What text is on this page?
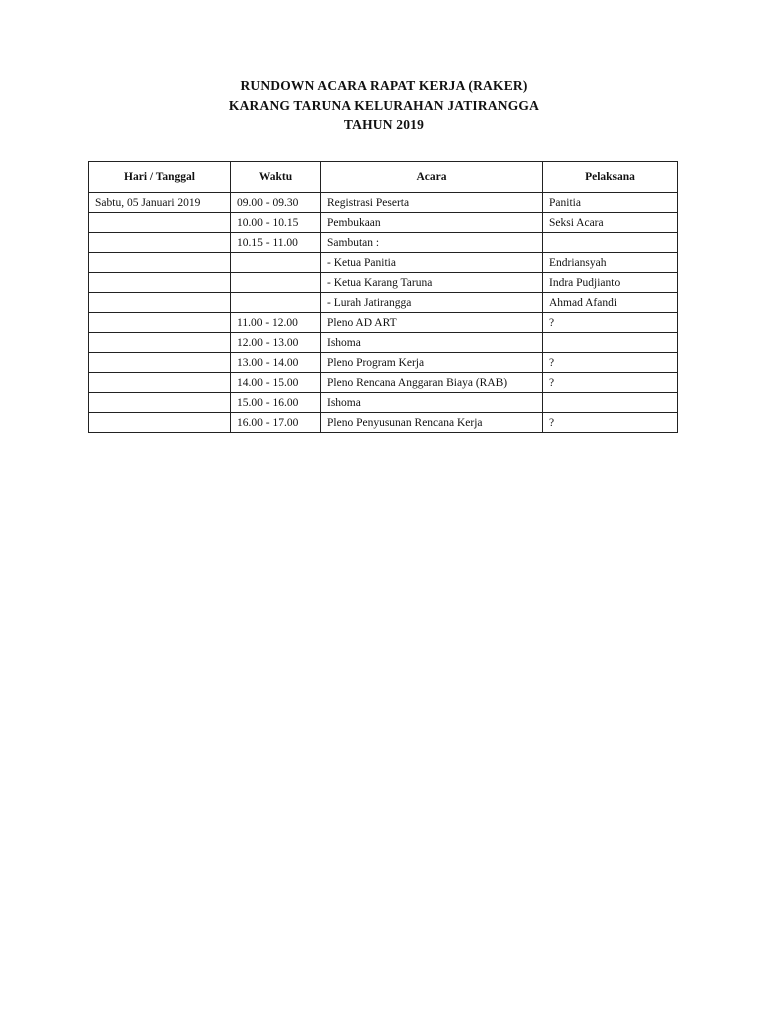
RUNDOWN ACARA RAPAT KERJA (RAKER)
KARANG TARUNA KELURAHAN JATIRANGGA
TAHUN 2019
Hari / Tanggal	Waktu	Acara	Pelaksana
Sabtu, 05 Januari 2019	09.00 - 09.30	Registrasi Peserta	Panitia
	10.00 - 10.15	Pembukaan	Seksi Acara
	10.15 - 11.00	Sambutan :	
		- Ketua Panitia	Endriansyah
		- Ketua Karang Taruna	Indra Pudjianto
		- Lurah Jatirangga	Ahmad Afandi
	11.00 - 12.00	Pleno AD ART	?
	12.00 - 13.00	Ishoma	
	13.00 - 14.00	Pleno Program Kerja	?
	14.00 - 15.00	Pleno Rencana Anggaran Biaya (RAB)	?
	15.00 - 16.00	Ishoma	
	16.00 - 17.00	Pleno Penyusunan Rencana Kerja	?
